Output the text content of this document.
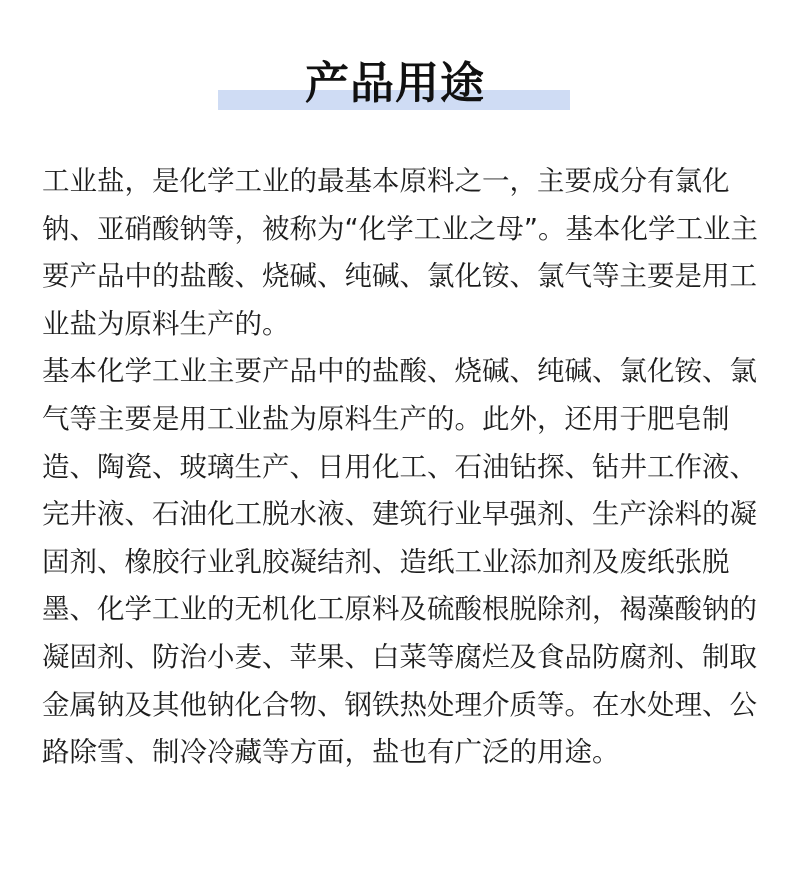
产品用途

工业盐，是化学工业的最基本原料之一，主要成分有氯化钠、亚硝酸钠等，被称为“化学工业之母”。基本化学工业主要产品中的盐酸、烧碱、纯碱、氯化铵、氯气等主要是用工业盐为原料生产的。

基本化学工业主要产品中的盐酸、烧碱、纯碱、氯化铵、氯气等主要是用工业盐为原料生产的。此外，还用于肥皂制造、陶瓷、玻璃生产、日用化工、石油钻探、钻井工作液、完井液、石油化工脱水液、建筑行业早强剂、生产涂料的凝固剂、橡胶行业乳胶凝结剂、造纸工业添加剂及废纸张脱墨、化学工业的无机化工原料及硫酸根脱除剂，褐藻酸钠的凝固剂、防治小麦、苹果、白菜等腐烂及食品防腐剂、制取金属钠及其他钠化合物、钢铁热处理介质等。在水处理、公路除雪、制冷冷藏等方面，盐也有广泛的用途。
